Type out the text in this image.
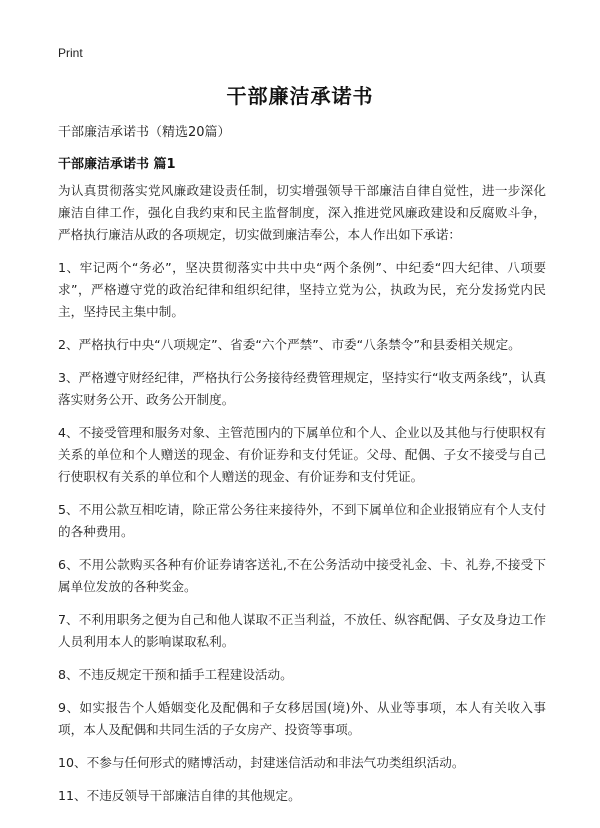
Print
干部廉洁承诺书
干部廉洁承诺书（精选20篇）
干部廉洁承诺书 篇1

为认真贯彻落实党风廉政建设责任制，切实增强领导干部廉洁自律自觉性，进一步深化廉洁自律工作，强化自我约束和民主监督制度，深入推进党风廉政建设和反腐败斗争，严格执行廉洁从政的各项规定，切实做到廉洁奉公，本人作出如下承诺：

1、牢记两个“务必”，坚决贯彻落实中共中央“两个条例”、中纪委“四大纪律、八项要求”，严格遵守党的政治纪律和组织纪律，坚持立党为公，执政为民，充分发扬党内民主，坚持民主集中制。

2、严格执行中央“八项规定”、省委“六个严禁”、市委“八条禁令”和县委相关规定。

3、严格遵守财经纪律，严格执行公务接待经费管理规定，坚持实行“收支两条线”，认真落实财务公开、政务公开制度。

4、不接受管理和服务对象、主管范围内的下属单位和个人、企业以及其他与行使职权有关系的单位和个人赠送的现金、有价证券和支付凭证。父母、配偶、子女不接受与自己行使职权有关系的单位和个人赠送的现金、有价证券和支付凭证。

5、不用公款互相吃请，除正常公务往来接待外，不到下属单位和企业报销应有个人支付的各种费用。

6、不用公款购买各种有价证券请客送礼,不在公务活动中接受礼金、卡、礼券,不接受下属单位发放的各种奖金。

7、不利用职务之便为自己和他人谋取不正当利益，不放任、纵容配偶、子女及身边工作人员利用本人的影响谋取私利。

8、不违反规定干预和插手工程建设活动。

9、如实报告个人婚姻变化及配偶和子女移居国(境)外、从业等事项，本人有关收入事项，本人及配偶和共同生活的子女房产、投资等事项。

10、不参与任何形式的赌博活动，封建迷信活动和非法气功类组织活动。

11、不违反领导干部廉洁自律的其他规定。
